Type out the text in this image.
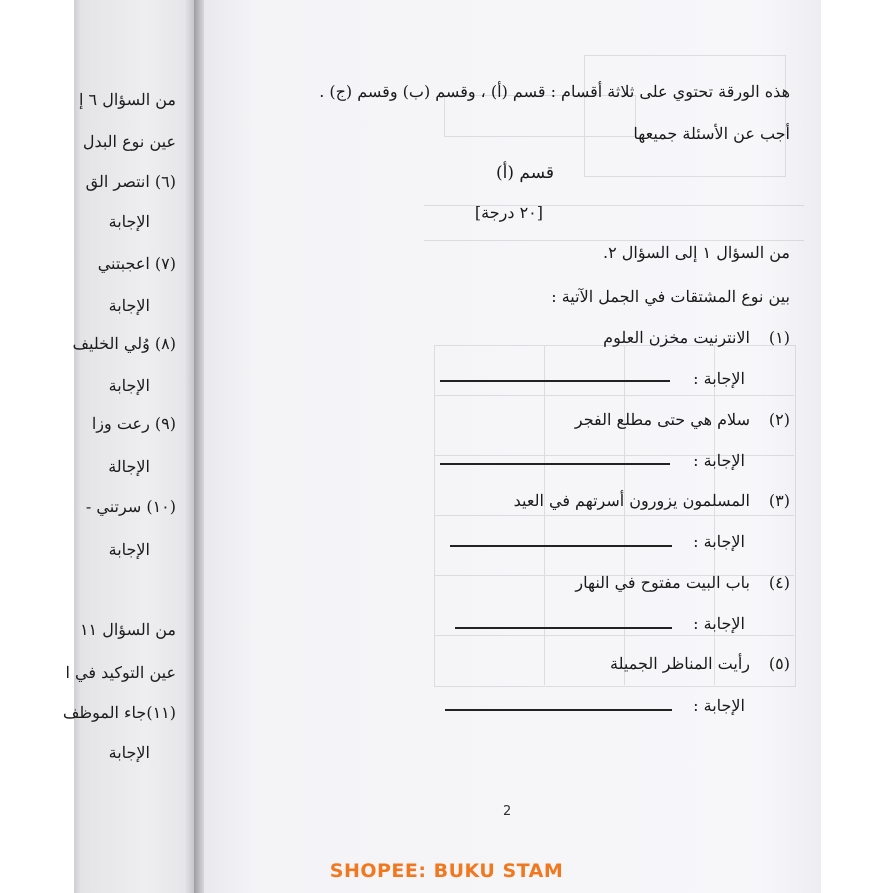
من السؤال ٦ إ
عين نوع البدل
(٦) انتصر الق
الإجابة
(٧) اعجبتني
الإجابة
(٨) وُلي الخليف
الإجابة
(٩) رعت وزا
الإجالة
(١٠) سرتني -
الإجابة
من السؤال ١١
عين التوكيد في ا
(١١)جاء الموظف
الإجابة
هذه الورقة تحتوي على ثلاثة أقسام : قسم (أ) ، وقسم (ب) وقسم (ج) .
أجب عن الأسئلة جميعها
قسم (أ)
[٢٠ درجة]
من السؤال ١ إلى السؤال ٢.
بين نوع المشتقات في الجمل الآتية :
(١)
الانترنيت مخزن العلوم
الإجابة :
(٢)
سلام هي حتى مطلع الفجر
الإجابة :
(٣)
المسلمون يزورون أسرتهم في العيد
الإجابة :
(٤)
باب البيت مفتوح في النهار
الإجابة :
(٥)
رأيت المناظر الجميلة
الإجابة :
2
SHOPEE: BUKU STAM
